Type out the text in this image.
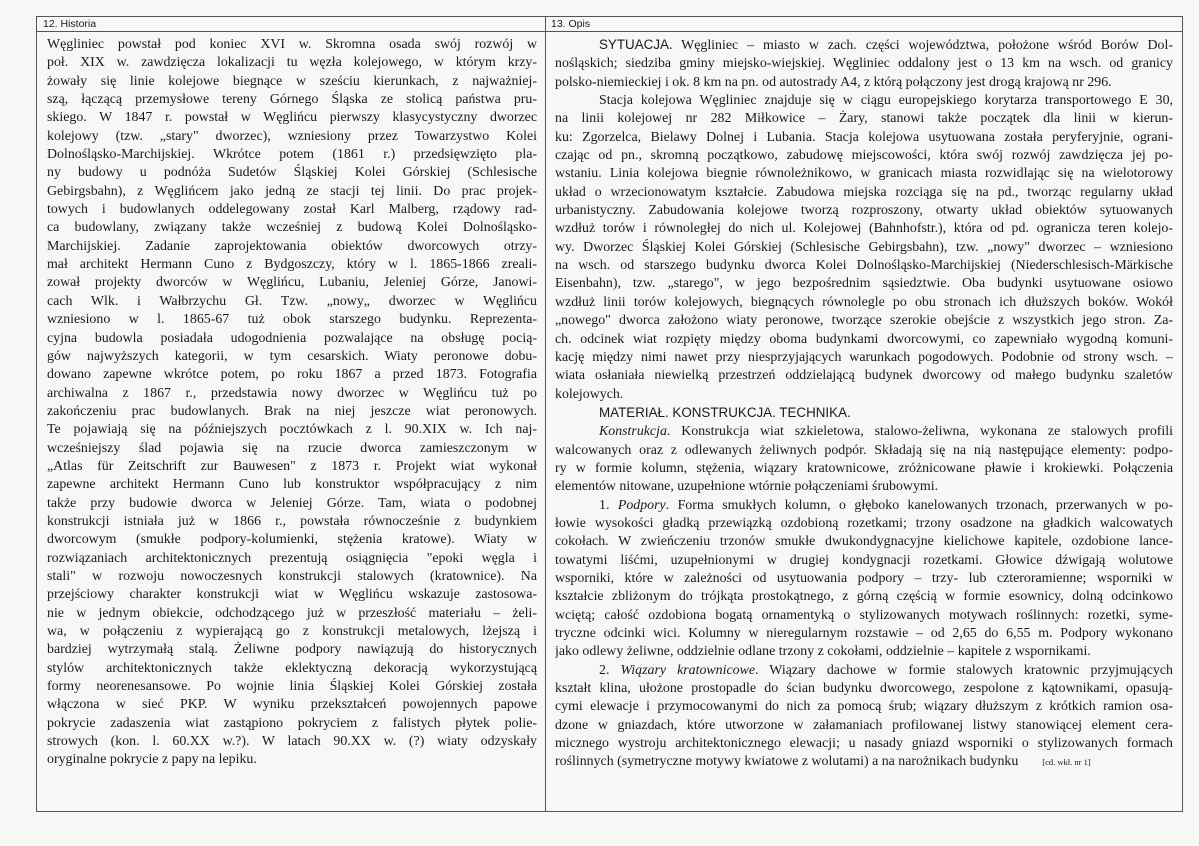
12. Historia	13. Opis
Węgliniec powstał pod koniec XVI w. Skromna osada swój rozwój w
poł. XIX w. zawdzięcza lokalizacji tu węzła kolejowego, w którym krzy-
żowały się linie kolejowe biegnące w sześciu kierunkach, z najważniej-
szą, łączącą przemysłowe tereny Górnego Śląska ze stolicą państwa pru-
skiego. W 1847 r. powstał w Węglińcu pierwszy klasycystyczny dworzec
kolejowy (tzw. „stary" dworzec), wzniesiony przez Towarzystwo Kolei
Dolnośląsko-Marchijskiej. Wkrótce potem (1861 r.) przedsięwzięto pla-
ny budowy u podnóża Sudetów Śląskiej Kolei Górskiej (Schlesische
Gebirgsbahn), z Węglińcem jako jedną ze stacji tej linii. Do prac projek-
towych i budowlanych oddelegowany został Karl Malberg, rządowy rad-
ca budowlany, związany także wcześniej z budową Kolei Dolnośląsko-
Marchijskiej. Zadanie zaprojektowania obiektów dworcowych otrzy-
mał architekt Hermann Cuno z Bydgoszczy, który w l. 1865-1866 zreali-
zował projekty dworców w Węglińcu, Lubaniu, Jeleniej Górze, Janowi-
cach Wlk. i Wałbrzychu Gł. Tzw. „nowy„ dworzec w Węglińcu
wzniesiono w l. 1865-67 tuż obok starszego budynku. Reprezenta-
cyjna budowla posiadała udogodnienia pozwalające na obsługę pocią-
gów najwyższych kategorii, w tym cesarskich. Wiaty peronowe dobu-
dowano zapewne wkrótce potem, po roku 1867 a przed 1873. Fotografia
archiwalna z 1867 r., przedstawia nowy dworzec w Węglińcu tuż po
zakończeniu prac budowlanych. Brak na niej jeszcze wiat peronowych.
Te pojawiają się na późniejszych pocztówkach z l. 90.XIX w. Ich naj-
wcześniejszy ślad pojawia się na rzucie dworca zamieszczonym w
„Atlas für Zeitschrift zur Bauwesen" z 1873 r. Projekt wiat wykonał
zapewne architekt Hermann Cuno lub konstruktor współpracujący z nim
także przy budowie dworca w Jeleniej Górze. Tam, wiata o podobnej
konstrukcji istniała już w 1866 r., powstała równocześnie z budynkiem
dworcowym (smukłe podpory-kolumienki, stężenia kratowe). Wiaty w
rozwiązaniach architektonicznych prezentują osiągnięcia "epoki węgla i
stali" w rozwoju nowoczesnych konstrukcji stalowych (kratownice). Na
przejściowy charakter konstrukcji wiat w Węglińcu wskazuje zastosowa-
nie w jednym obiekcie, odchodzącego już w przeszłość materiału – żeli-
wa, w połączeniu z wypierającą go z konstrukcji metalowych, lżejszą i
bardziej wytrzymałą stalą. Żeliwne podpory nawiązują do historycznych
stylów architektonicznych także eklektyczną dekoracją wykorzystującą
formy neorenesansowe. Po wojnie linia Śląskiej Kolei Górskiej została
włączona w sieć PKP. W wyniku przekształceń powojennych papowe
pokrycie zadaszenia wiat zastąpiono pokryciem z falistych płytek polie-
strowych (kon. l. 60.XX w.?). W latach 90.XX w. (?) wiaty odzyskały
oryginalne pokrycie z papy na lepiku.
SYTUACJA. Węgliniec – miasto w zach. części województwa, położone wśród Borów Dol-
nośląskich; siedziba gminy miejsko-wiejskiej. Węgliniec oddalony jest o 13 km na wsch. od granicy
polsko-niemieckiej i ok. 8 km na pn. od autostrady A4, z którą połączony jest drogą krajową nr 296.
Stacja kolejowa Węgliniec znajduje się w ciągu europejskiego korytarza transportowego E 30,
na linii kolejowej nr 282 Miłkowice – Żary, stanowi także początek dla linii w kierun-
ku: Zgorzelca, Bielawy Dolnej i Lubania. Stacja kolejowa usytuowana została peryferyjnie, ograni-
czając od pn., skromną początkowo, zabudowę miejscowości, która swój rozwój zawdzięcza jej po-
wstaniu. Linia kolejowa biegnie równoleżnikowo, w granicach miasta rozwidlając się na wielotorowy
układ o wrzecionowatym kształcie. Zabudowa miejska rozciąga się na pd., tworząc regularny układ
urbanistyczny. Zabudowania kolejowe tworzą rozproszony, otwarty układ obiektów sytuowanych
wzdłuż torów i równoległej do nich ul. Kolejowej (Bahnhofstr.), która od pd. ogranicza teren kolejo-
wy. Dworzec Śląskiej Kolei Górskiej (Schlesische Gebirgsbahn), tzw. „nowy" dworzec – wzniesiono
na wsch. od starszego budynku dworca Kolei Dolnośląsko-Marchijskiej (Niederschlesisch-Märkische
Eisenbahn), tzw. „starego", w jego bezpośrednim sąsiedztwie. Oba budynki usytuowane osiowo
wzdłuż linii torów kolejowych, biegnących równolegle po obu stronach ich dłuższych boków. Wokół
„nowego" dworca założono wiaty peronowe, tworzące szerokie obejście z wszystkich jego stron. Za-
ch. odcinek wiat rozpięty między oboma budynkami dworcowymi, co zapewniało wygodną komuni-
kację między nimi nawet przy niesprzyjających warunkach pogodowych. Podobnie od strony wsch. –
wiata osłaniała niewielką przestrzeń oddzielającą budynek dworcowy od małego budynku szaletów
kolejowych.
MATERIAŁ. KONSTRUKCJA. TECHNIKA.
Konstrukcja. Konstrukcja wiat szkieletowa, stalowo-żeliwna, wykonana ze stalowych profili
walcowanych oraz z odlewanych żeliwnych podpór. Składają się na nią następujące elementy: podpo-
ry w formie kolumn, stężenia, wiązary kratownicowe, zróżnicowane pławie i krokiewki. Połączenia
elementów nitowane, uzupełnione wtórnie połączeniami śrubowymi.
1. Podpory. Forma smukłych kolumn, o głęboko kanelowanych trzonach, przerwanych w po-
łowie wysokości gładką przewiązką ozdobioną rozetkami; trzony osadzone na gładkich walcowatych
cokołach. W zwieńczeniu trzonów smukłe dwukondygnacyjne kielichowe kapitele, ozdobione lance-
towatymi liśćmi, uzupełnionymi w drugiej kondygnacji rozetkami. Głowice dźwigają wolutowe
wsporniki, które w zależności od usytuowania podpory – trzy- lub czteroramienne; wsporniki w
kształcie zbliżonym do trójkąta prostokątnego, z górną częścią w formie esownicy, dolną odcinkowo
wciętą; całość ozdobiona bogatą ornamentyką o stylizowanych motywach roślinnych: rozetki, syme-
tryczne odcinki wici. Kolumny w nieregularnym rozstawie – od 2,65 do 6,55 m. Podpory wykonano
jako odlewy żeliwne, oddzielnie odlane trzony z cokołami, oddzielnie – kapitele z wspornikami.
2. Wiązary kratownicowe. Wiązary dachowe w formie stalowych kratownic przyjmujących
kształt klina, ułożone prostopadle do ścian budynku dworcowego, zespolone z kątownikami, opasują-
cymi elewacje i przymocowanymi do nich za pomocą śrub; wiązary dłuższym z krótkich ramion osa-
dzone w gniazdach, które utworzone w załamaniach profilowanej listwy stanowiącej element cera-
micznego wystroju architektonicznego elewacji; u nasady gniazd wsporniki o stylizowanych formach
roślinnych (symetryczne motywy kwiatowe z wolutami) a na narożnikach budynku	[cd. wkł. nr 1]
